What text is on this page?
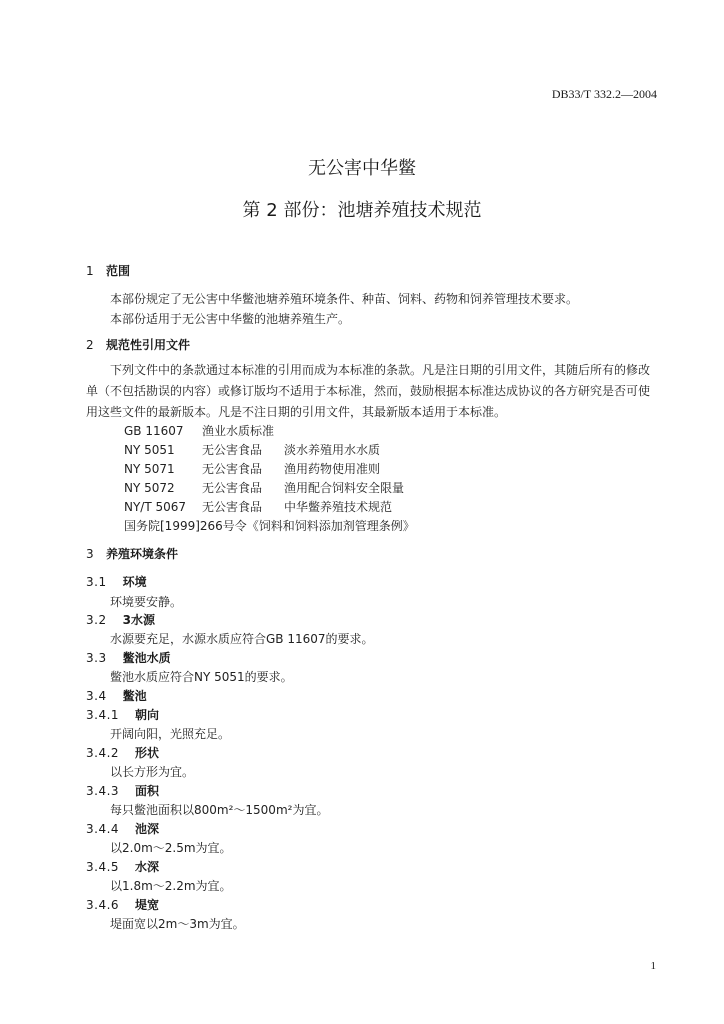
DB33/T 332.2—2004
无公害中华鳖
第 2 部份：池塘养殖技术规范
1 范围
本部份规定了无公害中华鳖池塘养殖环境条件、种苗、饲料、药物和饲养管理技术要求。
本部份适用于无公害中华鳖的池塘养殖生产。
2 规范性引用文件
下列文件中的条款通过本标准的引用而成为本标准的条款。凡是注日期的引用文件，其随后所有的修改单（不包括勘误的内容）或修订版均不适用于本标准，然而，鼓励根据本标准达成协议的各方研究是否可使用这些文件的最新版本。凡是不注日期的引用文件，其最新版本适用于本标准。
GB 11607 渔业水质标准
NY 5051 无公害食品 淡水养殖用水水质
NY 5071 无公害食品 渔用药物使用准则
NY 5072 无公害食品 渔用配合饲料安全限量
NY/T 5067 无公害食品 中华鳖养殖技术规范
国务院[1999]266号令《饲料和饲料添加剂管理条例》
3 养殖环境条件
3.1 环境
环境要安静。
3.2 3水源
水源要充足，水源水质应符合GB 11607的要求。
3.3 鳖池水质
鳖池水质应符合NY 5051的要求。
3.4 鳖池
3.4.1 朝向
开阔向阳，光照充足。
3.4.2 形状
以长方形为宜。
3.4.3 面积
每只鳖池面积以800m²～1500m²为宜。
3.4.4 池深
以2.0m～2.5m为宜。
3.4.5 水深
以1.8m～2.2m为宜。
3.4.6 堤宽
堤面宽以2m～3m为宜。
1
